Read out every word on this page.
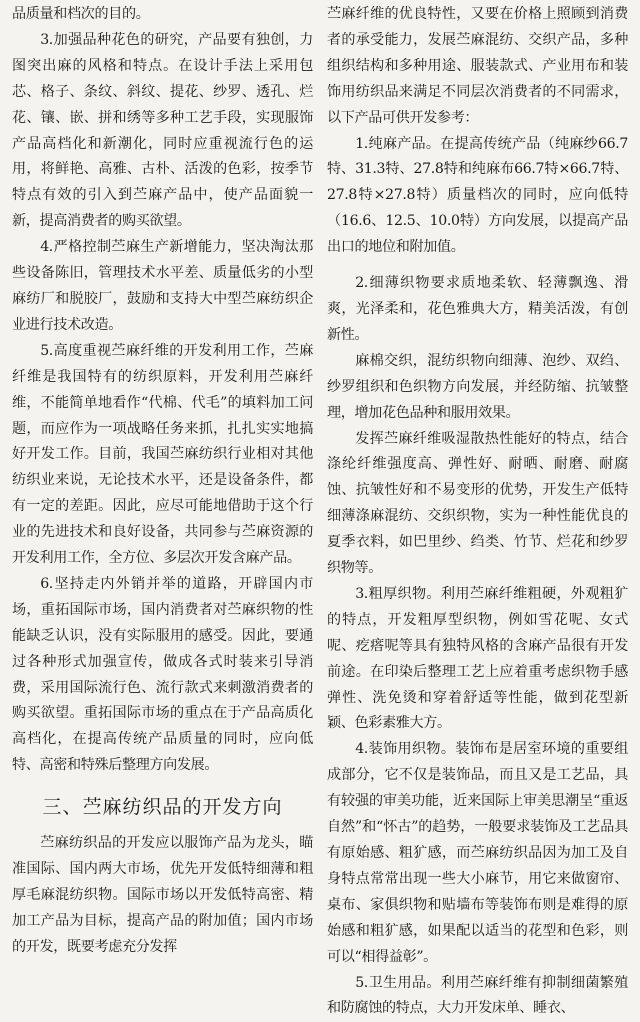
品质量和档次的目的。

3.加强品种花色的研究，产品要有独创，力图突出麻的风格和特点。在设计手法上采用包芯、格子、条纹、斜纹、提花、纱罗、透孔、烂花、镶、嵌、拼和绣等多种工艺手段，实现服饰产品高档化和新潮化，同时应重视流行色的运用，将鲜艳、高雅、古朴、活泼的色彩，按季节特点有效的引入到苎麻产品中，使产品面貌一新，提高消费者的购买欲望。

4.严格控制苎麻生产新增能力，坚决淘汰那些设备陈旧，管理技术水平差、质量低劣的小型麻纺厂和脱胶厂，鼓励和支持大中型苎麻纺织企业进行技术改造。

5.高度重视苎麻纤维的开发利用工作，苎麻纤维是我国特有的纺织原料，开发利用苎麻纤维，不能简单地看作“代棉、代毛”的填料加工问题，而应作为一项战略任务来抓，扎扎实实地搞好开发工作。目前，我国苎麻纺织行业相对其他纺织业来说，无论技术水平，还是设备条件，都有一定的差距。因此，应尽可能地借助于这个行业的先进技术和良好设备，共同参与苎麻资源的开发利用工作，全方位、多层次开发含麻产品。

6.坚持走内外销并举的道路，开辟国内市场，重拓国际市场，国内消费者对苎麻织物的性能缺乏认识，没有实际服用的感受。因此，要通过各种形式加强宣传，做成各式时装来引导消费，采用国际流行色、流行款式来刺激消费者的购买欲望。重拓国际市场的重点在于产品高质化高档化，在提高传统产品质量的同时，应向低特、高密和特殊后整理方向发展。

三、苎麻纺织品的开发方向

苎麻纺织品的开发应以服饰产品为龙头，瞄准国际、国内两大市场，优先开发低特细薄和粗厚毛麻混纺织物。国际市场以开发低特高密、精加工产品为目标，提高产品的附加值；国内市场的开发，既要考虑充分发挥

苎麻纤维的优良特性，又要在价格上照顾到消费者的承受能力，发展苎麻混纺、交织产品，多种组织结构和多种用途、服装款式、产业用布和装饰用纺织品来满足不同层次消费者的不同需求，以下产品可供开发参考：

1.纯麻产品。在提高传统产品（纯麻纱66.7特、31.3特、27.8特和纯麻布66.7特×66.7特、27.8特×27.8特）质量档次的同时，应向低特（16.6、12.5、10.0特）方向发展，以提高产品出口的地位和附加值。

2.细薄织物要求质地柔软、轻薄飘逸、滑爽，光泽柔和，花色雅典大方，精美活泼，有创新性。

麻棉交织，混纺织物向细薄、泡纱、双绉、纱罗组织和色织物方向发展，并经防缩、抗皱整理，增加花色品种和服用效果。

发挥苎麻纤维吸湿散热性能好的特点，结合涤纶纤维强度高、弹性好、耐晒、耐磨、耐腐蚀、抗皱性好和不易变形的优势，开发生产低特细薄涤麻混纺、交织织物，实为一种性能优良的夏季衣料，如巴里纱、绉类、竹节、烂花和纱罗织物等。

3.粗厚织物。利用苎麻纤维粗硬，外观粗犷的特点，开发粗厚型织物，例如雪花呢、女式呢、疙瘩呢等具有独特风格的含麻产品很有开发前途。在印染后整理工艺上应着重考虑织物手感弹性、洗免烫和穿着舒适等性能，做到花型新颖、色彩素雅大方。

4.装饰用织物。装饰布是居室环境的重要组成部分，它不仅是装饰品，而且又是工艺品，具有较强的审美功能，近来国际上审美思潮呈“重返自然”和“怀古”的趋势，一般要求装饰及工艺品具有原始感、粗犷感，而苎麻纺织品因为加工及自身特点常常出现一些大小麻节，用它来做窗帘、桌布、家俱织物和贴墙布等装饰布则是难得的原始感和粗犷感，如果配以适当的花型和色彩，则可以“相得益彰”。

5.卫生用品。利用苎麻纤维有抑制细菌繁殖和防腐蚀的特点，大力开发床单、睡衣、
